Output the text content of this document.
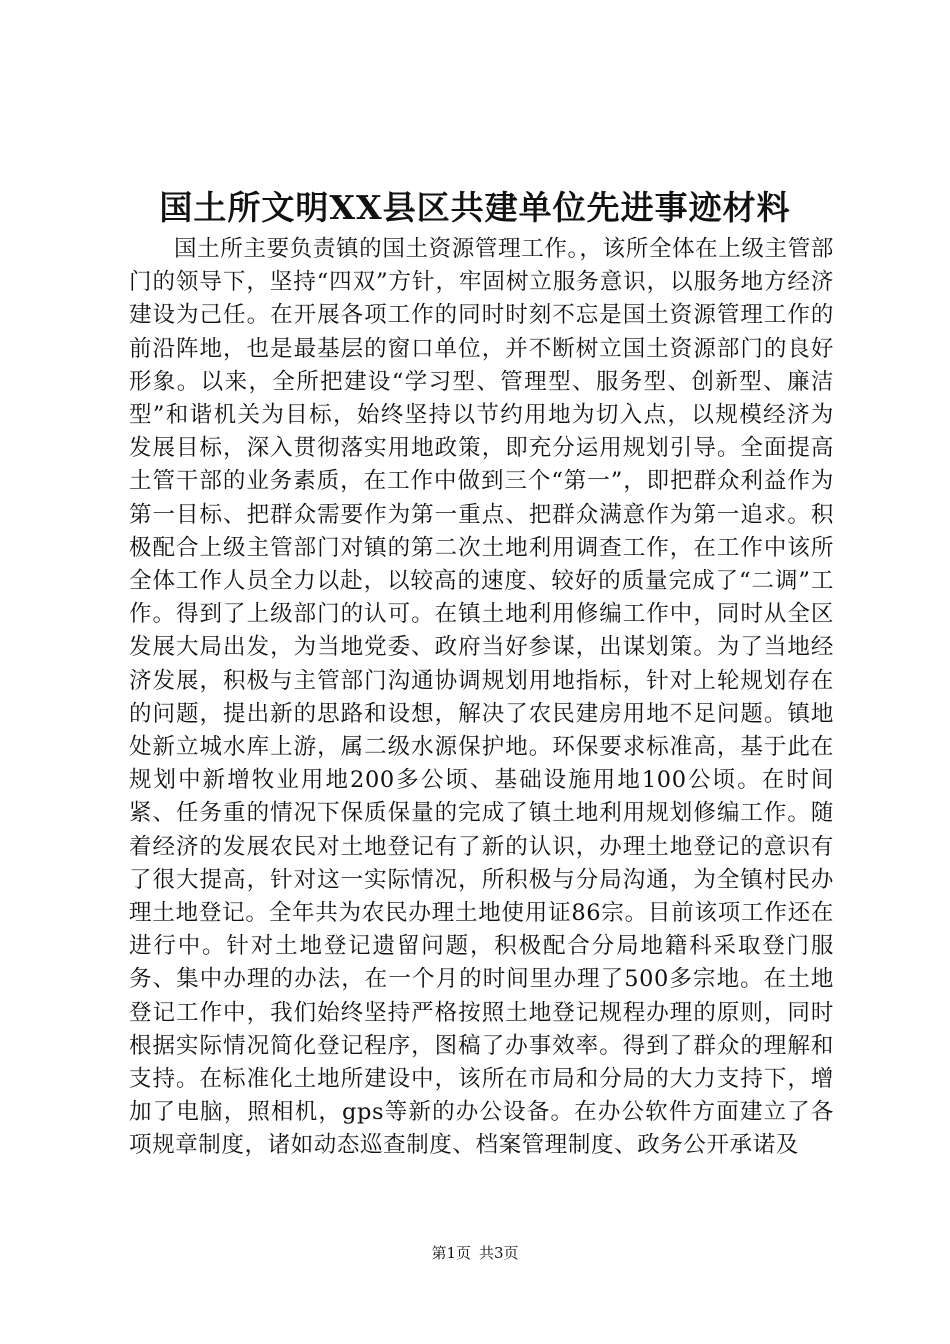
国土所文明XX县区共建单位先进事迹材料

国土所主要负责镇的国土资源管理工作。，该所全体在上级主管部门的领导下，坚持“四双”方针，牢固树立服务意识，以服务地方经济建设为己任。在开展各项工作的同时时刻不忘是国土资源管理工作的前沿阵地，也是最基层的窗口单位，并不断树立国土资源部门的良好形象。以来，全所把建设“学习型、管理型、服务型、创新型、廉洁型”和谐机关为目标，始终坚持以节约用地为切入点，以规模经济为发展目标，深入贯彻落实用地政策，即充分运用规划引导。全面提高土管干部的业务素质，在工作中做到三个“第一”，即把群众利益作为第一目标、把群众需要作为第一重点、把群众满意作为第一追求。积极配合上级主管部门对镇的第二次土地利用调查工作，在工作中该所全体工作人员全力以赴，以较高的速度、较好的质量完成了“二调”工作。得到了上级部门的认可。在镇土地利用修编工作中，同时从全区发展大局出发，为当地党委、政府当好参谋，出谋划策。为了当地经济发展，积极与主管部门沟通协调规划用地指标，针对上轮规划存在的问题，提出新的思路和设想，解决了农民建房用地不足问题。镇地处新立城水库上游，属二级水源保护地。环保要求标准高，基于此在规划中新增牧业用地200多公顷、基础设施用地100公顷。在时间紧、任务重的情况下保质保量的完成了镇土地利用规划修编工作。随着经济的发展农民对土地登记有了新的认识，办理土地登记的意识有了很大提高，针对这一实际情况，所积极与分局沟通，为全镇村民办理土地登记。全年共为农民办理土地使用证86宗。目前该项工作还在进行中。针对土地登记遗留问题，积极配合分局地籍科采取登门服务、集中办理的办法，在一个月的时间里办理了500多宗地。在土地登记工作中，我们始终坚持严格按照土地登记规程办理的原则，同时根据实际情况简化登记程序，图稿了办事效率。得到了群众的理解和支持。在标准化土地所建设中，该所在市局和分局的大力支持下，增加了电脑，照相机，gps等新的办公设备。在办公软件方面建立了各项规章制度，诸如动态巡查制度、档案管理制度、政务公开承诺及

第1页 共3页
